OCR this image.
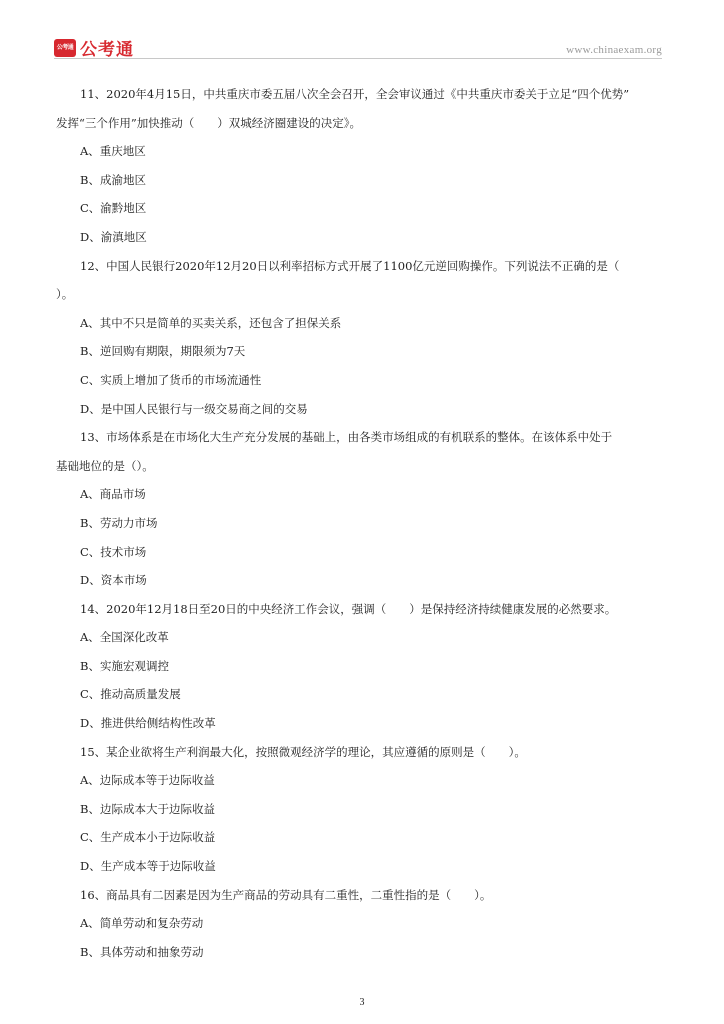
公考通 公考通	www.chinaexam.org
11、2020年4月15日，中共重庆市委五届八次全会召开，全会审议通过《中共重庆市委关于立足“四个优势”
发挥“三个作用”加快推动（　　）双城经济圈建设的决定》。
A、重庆地区
B、成渝地区
C、渝黔地区
D、渝滇地区
12、中国人民银行2020年12月20日以利率招标方式开展了1100亿元逆回购操作。下列说法不正确的是（
）。
A、其中不只是简单的买卖关系，还包含了担保关系
B、逆回购有期限，期限须为7天
C、实质上增加了货币的市场流通性
D、是中国人民银行与一级交易商之间的交易
13、市场体系是在市场化大生产充分发展的基础上，由各类市场组成的有机联系的整体。在该体系中处于
基础地位的是（）。
A、商品市场
B、劳动力市场
C、技术市场
D、资本市场
14、2020年12月18日至20日的中央经济工作会议，强调（　　）是保持经济持续健康发展的必然要求。
A、全国深化改革
B、实施宏观调控
C、推动高质量发展
D、推进供给侧结构性改革
15、某企业欲将生产利润最大化，按照微观经济学的理论，其应遵循的原则是（　　）。
A、边际成本等于边际收益
B、边际成本大于边际收益
C、生产成本小于边际收益
D、生产成本等于边际收益
16、商品具有二因素是因为生产商品的劳动具有二重性，二重性指的是（　　）。
A、简单劳动和复杂劳动
B、具体劳动和抽象劳动
3
